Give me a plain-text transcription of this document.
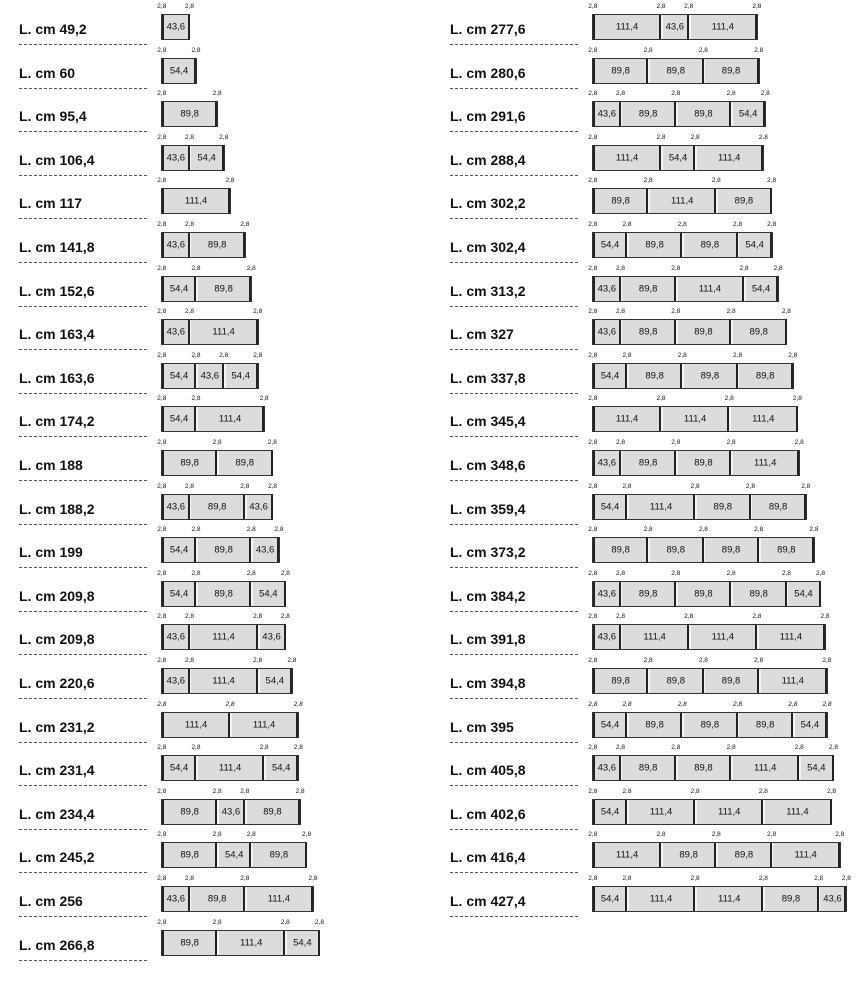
L. cm 49,2	43,6
2,8	2,8
L. cm 60	54,4
2,8	2,8
L. cm 95,4	89,8
2,8	2,8
L. cm 106,4	43,6	54,4
2,8	2,8	2,8
L. cm 117	111,4
2,8	2,8
L. cm 141,8	43,6	89,8
2,8	2,8	2,8
L. cm 152,6	54,4	89,8
2,8	2,8	2,8
L. cm 163,4	43,6	111,4
2,8	2,8	2,8
L. cm 163,6	54,4	43,6	54,4
2,8	2,8	2,8	2,8
L. cm 174,2	54,4	111,4
2,8	2,8	2,8
L. cm 188	89,8	89,8
2,8	2,8	2,8
L. cm 188,2	43,6	89,8	43,6
2,8	2,8	2,8	2,8
L. cm 199	54,4	89,8	43,6
2,8	2,8	2,8	2,8
L. cm 209,8	54,4	89,8	54,4
2,8	2,8	2,8	2,8
L. cm 209,8	43,6	111,4	43,6
2,8	2,8	2,8	2,8
L. cm 220,6	43,6	111,4	54,4
2,8	2,8	2,8	2,8
L. cm 231,2	111,4	111,4
2,8	2,8	2,8
L. cm 231,4	54,4	111,4	54,4
2,8	2,8	2,8	2,8
L. cm 234,4	89,8	43,6	89,8
2,8	2,8	2,8	2,8
L. cm 245,2	89,8	54,4	89,8
2,8	2,8	2,8	2,8
L. cm 256	43,6	89,8	111,4
2,8	2,8	2,8	2,8
L. cm 266,8	89,8	111,4	54,4
2,8	2,8	2,8	2,8
L. cm 277,6	111,4	43,6	111,4
2,8	2,8	2,8	2,8
L. cm 280,6	89,8	89,8	89,8
2,8	2,8	2,8	2,8
L. cm 291,6	43,6	89,8	89,8	54,4
2,8	2,8	2,8	2,8	2,8
L. cm 288,4	111,4	54,4	111,4
2,8	2,8	2,8	2,8
L. cm 302,2	89,8	111,4	89,8
2,8	2,8	2,8	2,8
L. cm 302,4	54,4	89,8	89,8	54,4
2,8	2,8	2,8	2,8	2,8
L. cm 313,2	43,6	89,8	111,4	54,4
2,8	2,8	2,8	2,8	2,8
L. cm 327	43,6	89,8	89,8	89,8
2,8	2,8	2,8	2,8	2,8
L. cm 337,8	54,4	89,8	89,8	89,8
2,8	2,8	2,8	2,8	2,8
L. cm 345,4	111,4	111,4	111,4
2,8	2,8	2,8	2,8
L. cm 348,6	43,6	89,8	89,8	111,4
2,8	2,8	2,8	2,8	2,8
L. cm 359,4	54,4	111,4	89,8	89,8
2,8	2,8	2,8	2,8	2,8
L. cm 373,2	89,8	89,8	89,8	89,8
2,8	2,8	2,8	2,8	2,8
L. cm 384,2	43,6	89,8	89,8	89,8	54,4
2,8	2,8	2,8	2,8	2,8	2,8
L. cm 391,8	43,6	111,4	111,4	111,4
2,8	2,8	2,8	2,8	2,8
L. cm 394,8	89,8	89,8	89,8	111,4
2,8	2,8	2,8	2,8	2,8
L. cm 395	54,4	89,8	89,8	89,8	54,4
2,8	2,8	2,8	2,8	2,8	2,8
L. cm 405,8	43,6	89,8	89,8	111,4	54,4
2,8	2,8	2,8	2,8	2,8	2,8
L. cm 402,6	54,4	111,4	111,4	111,4
2,8	2,8	2,8	2,8	2,8
L. cm 416,4	111,4	89,8	89,8	111,4
2,8	2,8	2,8	2,8	2,8
L. cm 427,4	54,4	111,4	111,4	89,8	43,6
2,8	2,8	2,8	2,8	2,8	2,8
